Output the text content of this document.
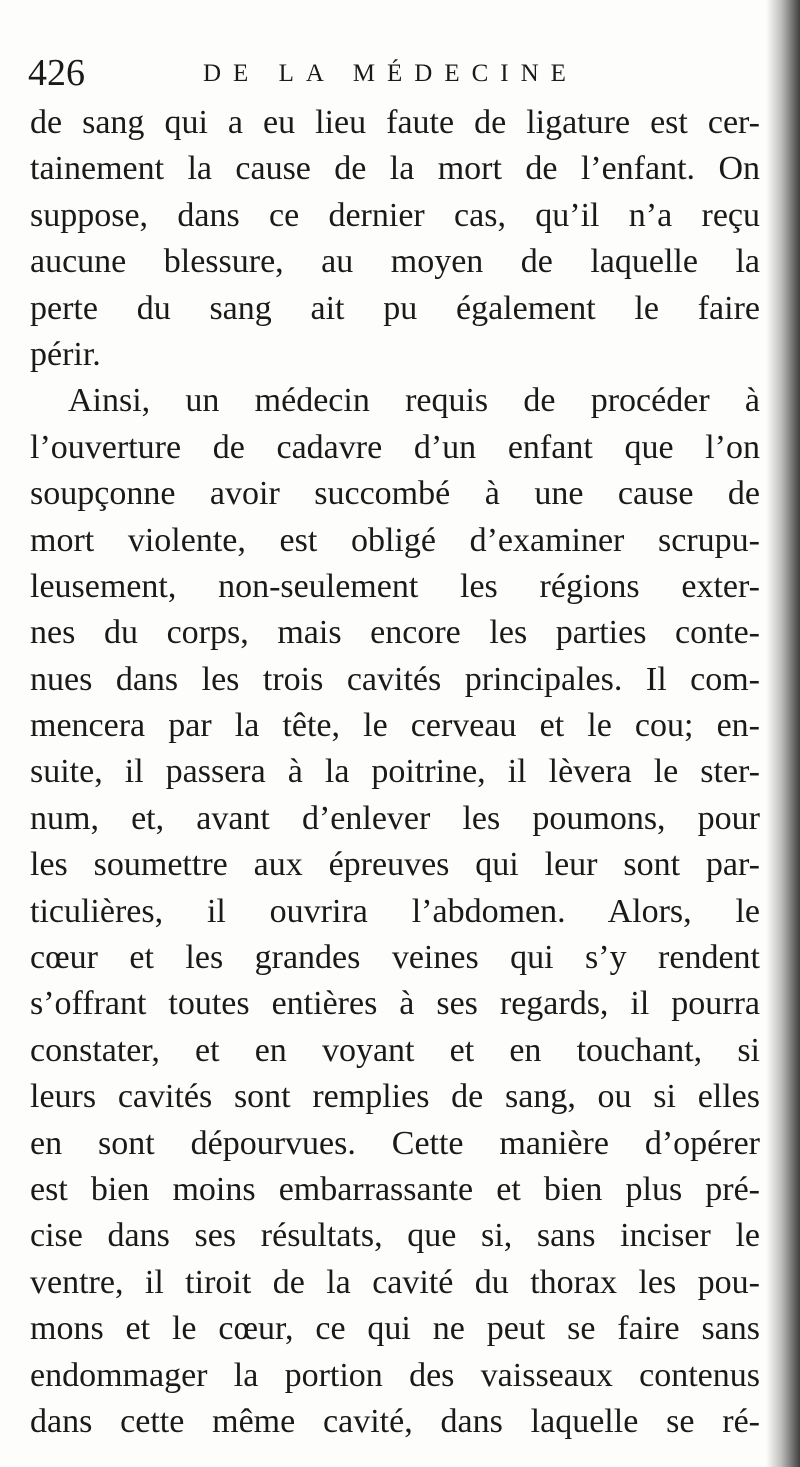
426	DE LA MÉDECINE
de sang qui a eu lieu faute de ligature est cer-
tainement la cause de la mort de l’enfant. On
suppose, dans ce dernier cas, qu’il n’a reçu
aucune blessure, au moyen de laquelle la
perte du sang ait pu également le faire
périr.
Ainsi, un médecin requis de procéder à
l’ouverture de cadavre d’un enfant que l’on
soupçonne avoir succombé à une cause de
mort violente, est obligé d’examiner scrupu-
leusement, non-seulement les régions exter-
nes du corps, mais encore les parties conte-
nues dans les trois cavités principales. Il com-
mencera par la tête, le cerveau et le cou; en-
suite, il passera à la poitrine, il lèvera le ster-
num, et, avant d’enlever les poumons, pour
les soumettre aux épreuves qui leur sont par-
ticulières, il ouvrira l’abdomen. Alors, le
cœur et les grandes veines qui s’y rendent
s’offrant toutes entières à ses regards, il pourra
constater, et en voyant et en touchant, si
leurs cavités sont remplies de sang, ou si elles
en sont dépourvues. Cette manière d’opérer
est bien moins embarrassante et bien plus pré-
cise dans ses résultats, que si, sans inciser le
ventre, il tiroit de la cavité du thorax les pou-
mons et le cœur, ce qui ne peut se faire sans
endommager la portion des vaisseaux contenus
dans cette même cavité, dans laquelle se ré-
